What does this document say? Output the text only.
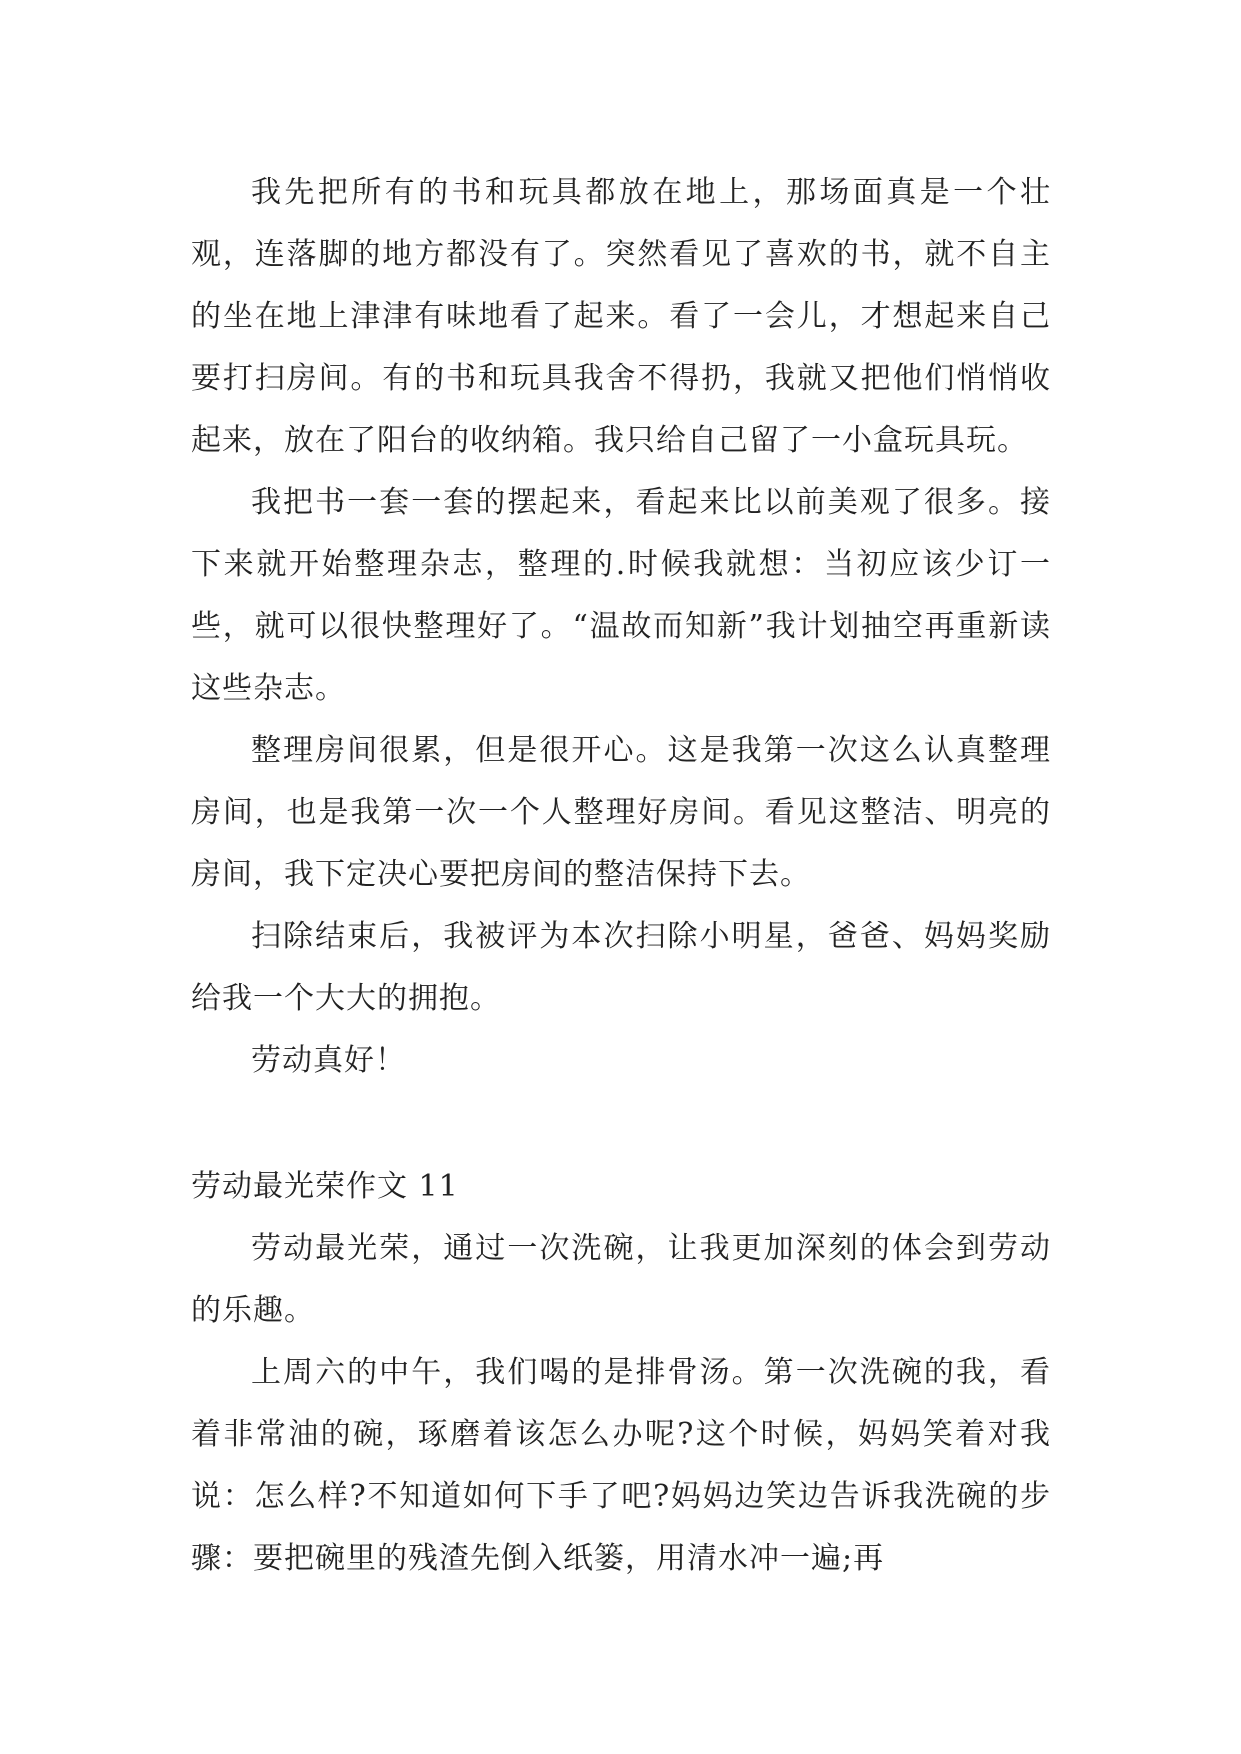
我先把所有的书和玩具都放在地上，那场面真是一个壮观，连落脚的地方都没有了。突然看见了喜欢的书，就不自主的坐在地上津津有味地看了起来。看了一会儿，才想起来自己要打扫房间。有的书和玩具我舍不得扔，我就又把他们悄悄收起来，放在了阳台的收纳箱。我只给自己留了一小盒玩具玩。

我把书一套一套的摆起来，看起来比以前美观了很多。接下来就开始整理杂志，整理的.时候我就想：当初应该少订一些，就可以很快整理好了。“温故而知新”我计划抽空再重新读这些杂志。

整理房间很累，但是很开心。这是我第一次这么认真整理房间，也是我第一次一个人整理好房间。看见这整洁、明亮的房间，我下定决心要把房间的整洁保持下去。

扫除结束后，我被评为本次扫除小明星，爸爸、妈妈奖励给我一个大大的拥抱。

劳动真好！

劳动最光荣作文 11

劳动最光荣，通过一次洗碗，让我更加深刻的体会到劳动的乐趣。

上周六的中午，我们喝的是排骨汤。第一次洗碗的我，看着非常油的碗，琢磨着该怎么办呢?这个时候，妈妈笑着对我说：怎么样?不知道如何下手了吧?妈妈边笑边告诉我洗碗的步骤：要把碗里的残渣先倒入纸篓，用清水冲一遍;再
